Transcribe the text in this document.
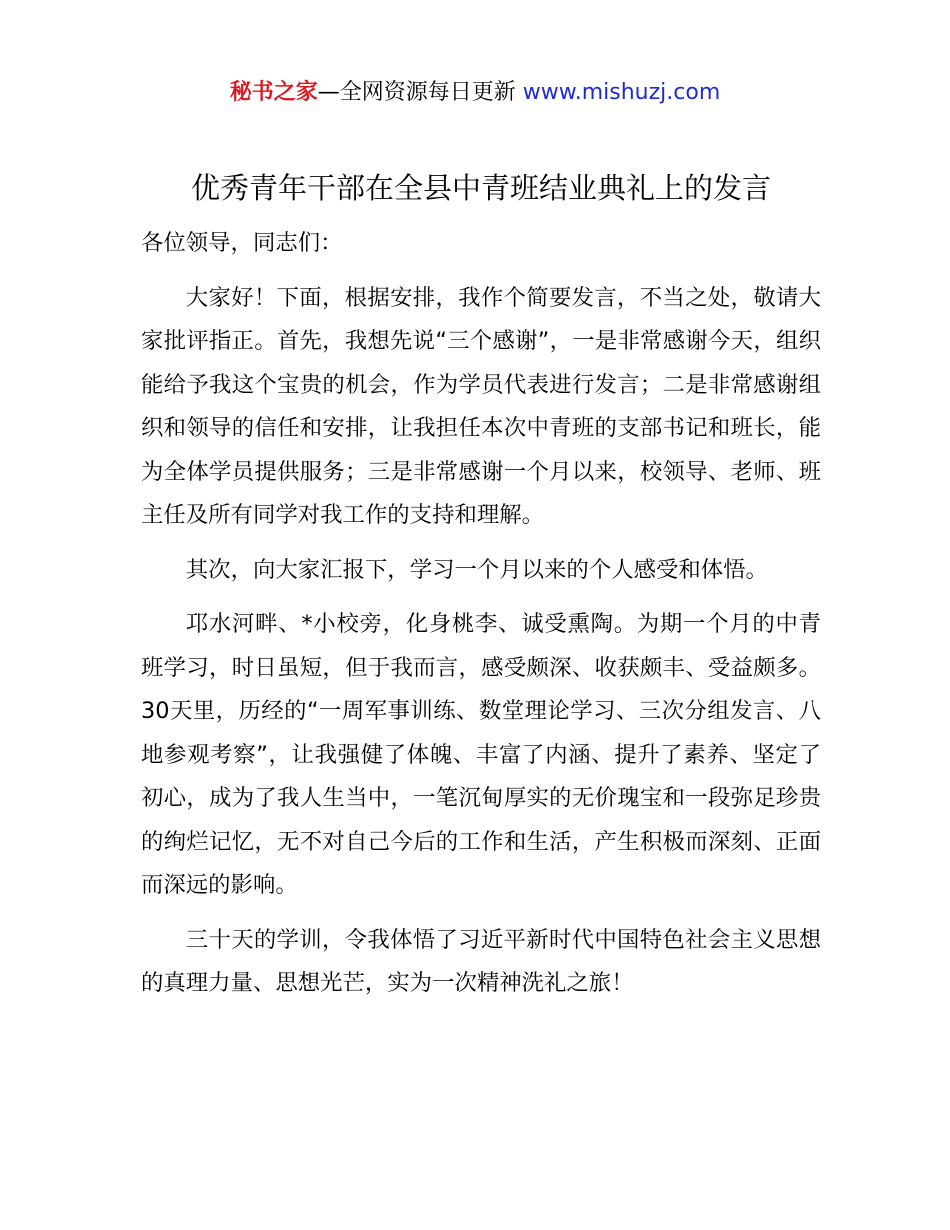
秘书之家—全网资源每日更新 www.mishuzj.com
优秀青年干部在全县中青班结业典礼上的发言

各位领导，同志们：

大家好！下面，根据安排，我作个简要发言，不当之处，敬请大家批评指正。首先，我想先说“三个感谢”，一是非常感谢今天，组织能给予我这个宝贵的机会，作为学员代表进行发言；二是非常感谢组织和领导的信任和安排，让我担任本次中青班的支部书记和班长，能为全体学员提供服务；三是非常感谢一个月以来，校领导、老师、班主任及所有同学对我工作的支持和理解。

其次，向大家汇报下，学习一个月以来的个人感受和体悟。

邛水河畔、*小校旁，化身桃李、诚受熏陶。为期一个月的中青班学习，时日虽短，但于我而言，感受颇深、收获颇丰、受益颇多。30天里，历经的“一周军事训练、数堂理论学习、三次分组发言、八地参观考察”，让我强健了体魄、丰富了内涵、提升了素养、坚定了初心，成为了我人生当中，一笔沉甸厚实的无价瑰宝和一段弥足珍贵的绚烂记忆，无不对自己今后的工作和生活，产生积极而深刻、正面而深远的影响。

三十天的学训，令我体悟了习近平新时代中国特色社会主义思想的真理力量、思想光芒，实为一次精神洗礼之旅！
